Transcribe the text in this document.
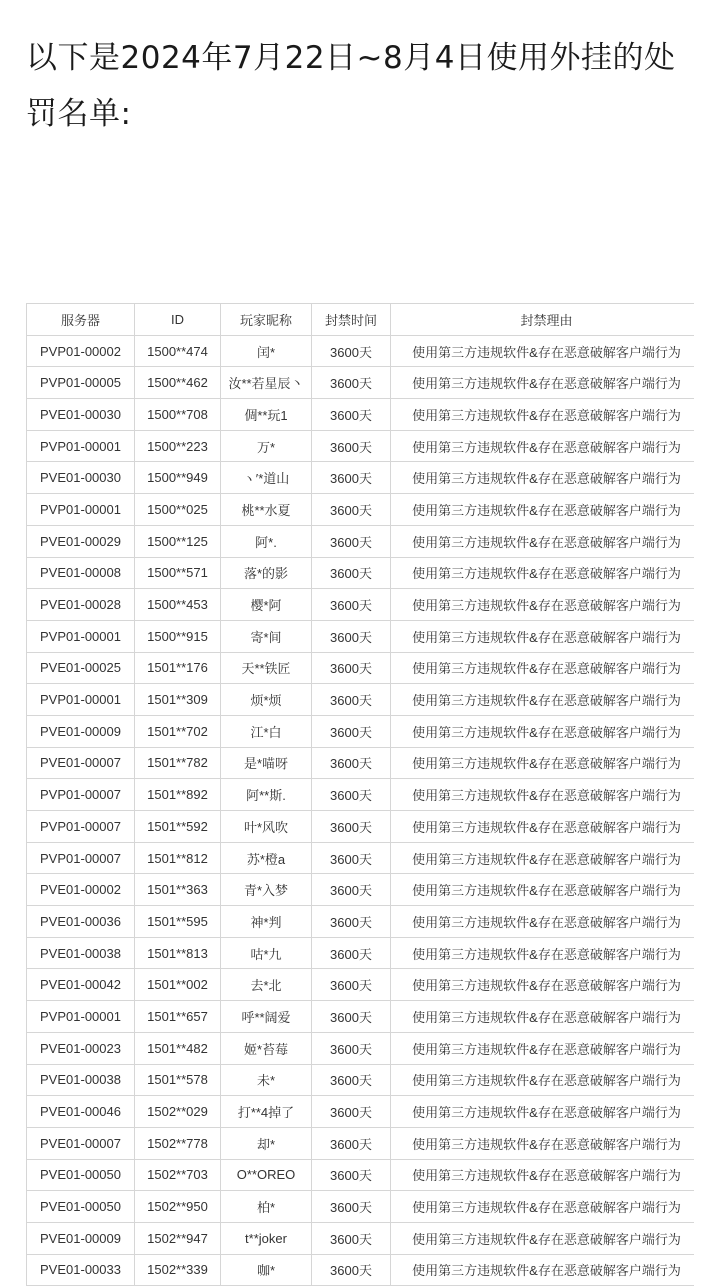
以下是2024年7月22日~8月4日使用外挂的处罚名单:
服务器	ID	玩家昵称	封禁时间	封禁理由
PVP01-00002	1500**474	闰*	3600天	使用第三方违规软件&存在恶意破解客户端行为
PVP01-00005	1500**462	汝**若星辰丶	3600天	使用第三方违规软件&存在恶意破解客户端行为
PVE01-00030	1500**708	倜**玩1	3600天	使用第三方违规软件&存在恶意破解客户端行为
PVP01-00001	1500**223	万*	3600天	使用第三方违规软件&存在恶意破解客户端行为
PVE01-00030	1500**949	ヽ′*道山	3600天	使用第三方违规软件&存在恶意破解客户端行为
PVP01-00001	1500**025	桃**水夏	3600天	使用第三方违规软件&存在恶意破解客户端行为
PVE01-00029	1500**125	阿*.	3600天	使用第三方违规软件&存在恶意破解客户端行为
PVE01-00008	1500**571	落*的影	3600天	使用第三方违规软件&存在恶意破解客户端行为
PVE01-00028	1500**453	樱*阿	3600天	使用第三方违规软件&存在恶意破解客户端行为
PVP01-00001	1500**915	寄*间	3600天	使用第三方违规软件&存在恶意破解客户端行为
PVE01-00025	1501**176	天**铁匠	3600天	使用第三方违规软件&存在恶意破解客户端行为
PVP01-00001	1501**309	烦*烦	3600天	使用第三方违规软件&存在恶意破解客户端行为
PVE01-00009	1501**702	江*白	3600天	使用第三方违规软件&存在恶意破解客户端行为
PVE01-00007	1501**782	是*喵呀	3600天	使用第三方违规软件&存在恶意破解客户端行为
PVP01-00007	1501**892	阿**斯.	3600天	使用第三方违规软件&存在恶意破解客户端行为
PVP01-00007	1501**592	叶*风吹	3600天	使用第三方违规软件&存在恶意破解客户端行为
PVP01-00007	1501**812	苏*橙a	3600天	使用第三方违规软件&存在恶意破解客户端行为
PVE01-00002	1501**363	青*入梦	3600天	使用第三方违规软件&存在恶意破解客户端行为
PVE01-00036	1501**595	神*判	3600天	使用第三方违规软件&存在恶意破解客户端行为
PVE01-00038	1501**813	咕*九	3600天	使用第三方违规软件&存在恶意破解客户端行为
PVE01-00042	1501**002	去*北	3600天	使用第三方违规软件&存在恶意破解客户端行为
PVP01-00001	1501**657	呼**阔爱	3600天	使用第三方违规软件&存在恶意破解客户端行为
PVE01-00023	1501**482	姬*苔莓	3600天	使用第三方违规软件&存在恶意破解客户端行为
PVE01-00038	1501**578	未*	3600天	使用第三方违规软件&存在恶意破解客户端行为
PVE01-00046	1502**029	打**4掉了	3600天	使用第三方违规软件&存在恶意破解客户端行为
PVE01-00007	1502**778	却*	3600天	使用第三方违规软件&存在恶意破解客户端行为
PVE01-00050	1502**703	O**OREO	3600天	使用第三方违规软件&存在恶意破解客户端行为
PVE01-00050	1502**950	柏*	3600天	使用第三方违规软件&存在恶意破解客户端行为
PVE01-00009	1502**947	t**joker	3600天	使用第三方违规软件&存在恶意破解客户端行为
PVE01-00033	1502**339	咖*	3600天	使用第三方违规软件&存在恶意破解客户端行为
